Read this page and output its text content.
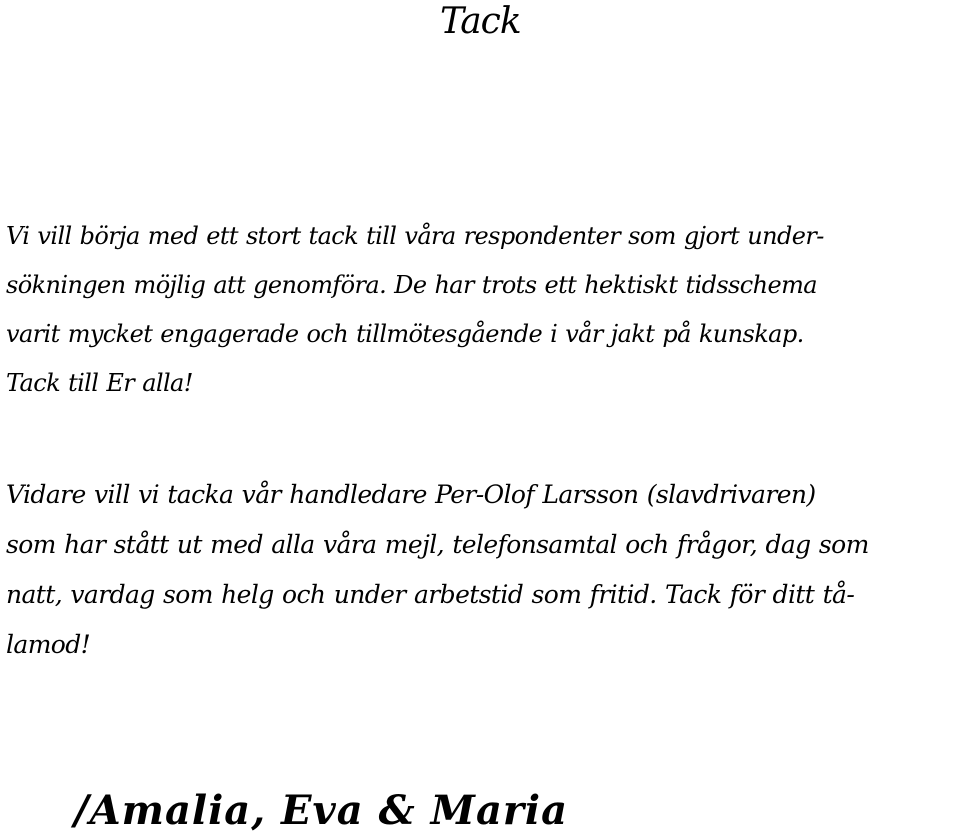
Tack

Vi vill börja med ett stort tack till våra respondenter som gjort under-
sökningen möjlig att genomföra. De har trots ett hektiskt tidsschema
varit mycket engagerade och tillmötesgående i vår jakt på kunskap.
Tack till Er alla!

Vidare vill vi tacka vår handledare Per-Olof Larsson (slavdrivaren)
som har stått ut med alla våra mejl, telefonsamtal och frågor, dag som
natt, vardag som helg och under arbetstid som fritid. Tack för ditt tå-
lamod!

/Amalia, Eva & Maria
